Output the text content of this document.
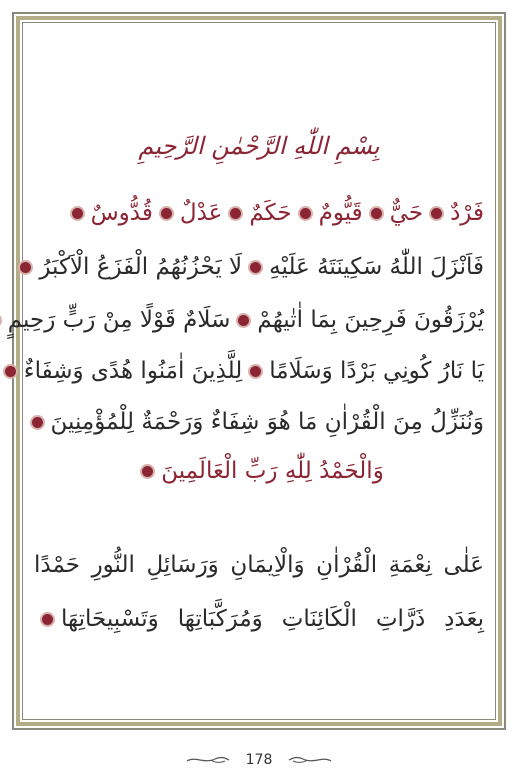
بِسْمِ اللّٰهِ الرَّحْمٰنِ الرَّحِيمِ
فَرْدٌحَيٌّقَيُّومٌحَكَمٌعَدْلٌقُدُّوسٌ
فَاَنْزَلَ اللّٰهُ سَكِينَتَهُ عَلَيْهِلَا يَحْزُنُهُمُ الْفَزَعُ الْاَكْبَرُ
يُرْزَقُونَ فَرِحِينَ بِمَا اٰتٰيهُمْسَلَامٌ قَوْلًا مِنْ رَبٍّ رَحِيمٍ
يَا نَارُ كُونِي بَرْدًا وَسَلَامًالِلَّذِينَ اٰمَنُوا هُدًى وَشِفَاءٌ
وَنُنَزِّلُ مِنَ الْقُرْاٰنِ مَا هُوَ شِفَاءٌ وَرَحْمَةٌ لِلْمُؤْمِنِينَ
وَالْحَمْدُ لِلّٰهِ رَبِّ الْعَالَمِينَ
عَلٰى نِعْمَةِ الْقُرْاٰنِ وَالْاِيمَانِ وَرَسَائِلِ النُّورِ حَمْدًا
بِعَدَدِ ذَرَّاتِ الْكَائِنَاتِ وَمُرَكَّبَاتِهَا وَتَسْبِيحَاتِهَا
178
